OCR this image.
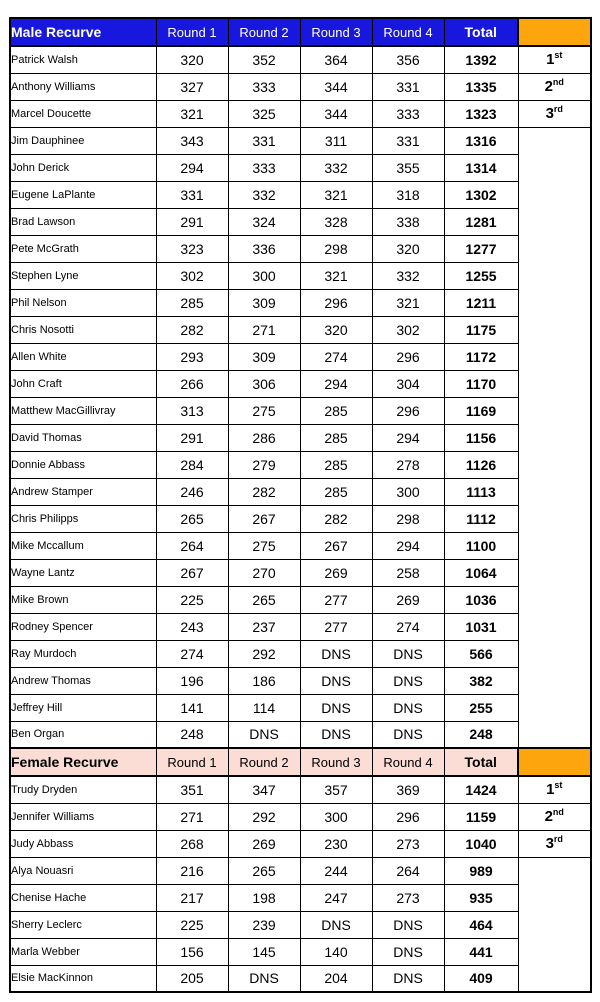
Male Recurve	Round 1	Round 2	Round 3	Round 4	Total	
Patrick Walsh	320	352	364	356	1392	1st
Anthony Williams	327	333	344	331	1335	2nd
Marcel Doucette	321	325	344	333	1323	3rd
Jim Dauphinee	343	331	311	331	1316	
John Derick	294	333	332	355	1314	
Eugene LaPlante	331	332	321	318	1302	
Brad Lawson	291	324	328	338	1281	
Pete McGrath	323	336	298	320	1277	
Stephen Lyne	302	300	321	332	1255	
Phil Nelson	285	309	296	321	1211	
Chris Nosotti	282	271	320	302	1175	
Allen White	293	309	274	296	1172	
John Craft	266	306	294	304	1170	
Matthew MacGillivray	313	275	285	296	1169	
David Thomas	291	286	285	294	1156	
Donnie Abbass	284	279	285	278	1126	
Andrew Stamper	246	282	285	300	1113	
Chris Philipps	265	267	282	298	1112	
Mike Mccallum	264	275	267	294	1100	
Wayne Lantz	267	270	269	258	1064	
Mike Brown	225	265	277	269	1036	
Rodney Spencer	243	237	277	274	1031	
Ray Murdoch	274	292	DNS	DNS	566	
Andrew Thomas	196	186	DNS	DNS	382	
Jeffrey Hill	141	114	DNS	DNS	255	
Ben Organ	248	DNS	DNS	DNS	248	
Female Recurve	Round 1	Round 2	Round 3	Round 4	Total	
Trudy Dryden	351	347	357	369	1424	1st
Jennifer Williams	271	292	300	296	1159	2nd
Judy Abbass	268	269	230	273	1040	3rd
Alya Nouasri	216	265	244	264	989	
Chenise Hache	217	198	247	273	935	
Sherry Leclerc	225	239	DNS	DNS	464	
Marla Webber	156	145	140	DNS	441	
Elsie MacKinnon	205	DNS	204	DNS	409	
